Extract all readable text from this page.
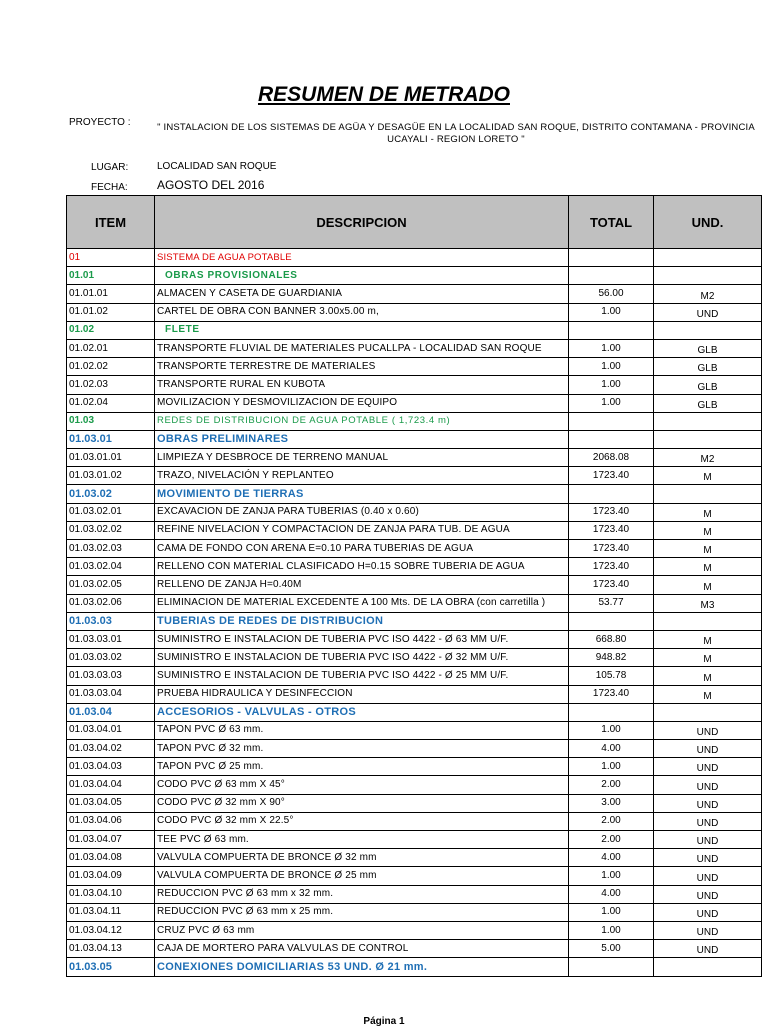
RESUMEN DE METRADO
PROYECTO :	" INSTALACION DE LOS SISTEMAS DE AGÜA Y DESAGÜE EN LA LOCALIDAD SAN ROQUE, DISTRITO CONTAMANA - PROVINCIA UCAYALI - REGION LORETO "
LUGAR:	LOCALIDAD SAN ROQUE
FECHA: AGOSTO DEL 2016
ITEM	DESCRIPCION	TOTAL	UND.
01	SISTEMA DE AGUA POTABLE		
01.01	OBRAS PROVISIONALES		
01.01.01	ALMACEN Y CASETA DE GUARDIANIA	56.00	M2
01.01.02	CARTEL DE OBRA CON BANNER 3.00x5.00 m,	1.00	UND
01.02	FLETE		
01.02.01	TRANSPORTE FLUVIAL DE MATERIALES PUCALLPA - LOCALIDAD SAN ROQUE	1.00	GLB
01.02.02	TRANSPORTE TERRESTRE DE MATERIALES	1.00	GLB
01.02.03	TRANSPORTE RURAL EN KUBOTA	1.00	GLB
01.02.04	MOVILIZACION Y DESMOVILIZACION DE EQUIPO	1.00	GLB
01.03	REDES DE DISTRIBUCION DE AGUA POTABLE ( 1,723.4 m)		
01.03.01	OBRAS PRELIMINARES		
01.03.01.01	LIMPIEZA Y DESBROCE DE TERRENO MANUAL	2068.08	M2
01.03.01.02	TRAZO, NIVELACIÓN Y REPLANTEO	1723.40	M
01.03.02	MOVIMIENTO DE TIERRAS		
01.03.02.01	EXCAVACION DE ZANJA PARA TUBERIAS (0.40 x 0.60)	1723.40	M
01.03.02.02	REFINE NIVELACION Y COMPACTACION DE ZANJA PARA TUB. DE AGUA	1723.40	M
01.03.02.03	CAMA DE FONDO CON ARENA E=0.10 PARA TUBERIAS DE AGUA	1723.40	M
01.03.02.04	RELLENO CON MATERIAL CLASIFICADO H=0.15 SOBRE TUBERIA DE AGUA	1723.40	M
01.03.02.05	RELLENO DE ZANJA H=0.40M	1723.40	M
01.03.02.06	ELIMINACION DE MATERIAL EXCEDENTE A 100 Mts. DE LA OBRA (con carretilla )	53.77	M3
01.03.03	TUBERIAS DE REDES DE DISTRIBUCION		
01.03.03.01	SUMINISTRO E INSTALACION DE TUBERIA PVC ISO 4422 - Ø 63 MM U/F.	668.80	M
01.03.03.02	SUMINISTRO E INSTALACION DE TUBERIA PVC ISO 4422 - Ø 32 MM U/F.	948.82	M
01.03.03.03	SUMINISTRO E INSTALACION DE TUBERIA PVC ISO 4422 - Ø 25 MM U/F.	105.78	M
01.03.03.04	PRUEBA HIDRAULICA Y DESINFECCION	1723.40	M
01.03.04	ACCESORIOS - VALVULAS - OTROS		
01.03.04.01	TAPON PVC Ø 63 mm.	1.00	UND
01.03.04.02	TAPON PVC Ø 32 mm.	4.00	UND
01.03.04.03	TAPON PVC Ø 25 mm.	1.00	UND
01.03.04.04	CODO PVC Ø 63 mm X 45°	2.00	UND
01.03.04.05	CODO PVC Ø 32 mm X 90°	3.00	UND
01.03.04.06	CODO PVC Ø 32 mm X 22.5°	2.00	UND
01.03.04.07	TEE PVC Ø 63 mm.	2.00	UND
01.03.04.08	VALVULA COMPUERTA DE BRONCE Ø 32 mm	4.00	UND
01.03.04.09	VALVULA COMPUERTA DE BRONCE Ø 25 mm	1.00	UND
01.03.04.10	REDUCCION PVC Ø 63 mm x 32 mm.	4.00	UND
01.03.04.11	REDUCCION PVC Ø 63 mm x 25 mm.	1.00	UND
01.03.04.12	CRUZ PVC Ø 63 mm	1.00	UND
01.03.04.13	CAJA DE MORTERO PARA VALVULAS DE CONTROL	5.00	UND
01.03.05	CONEXIONES DOMICILIARIAS 53 UND. Ø 21 mm.		
Página 1
